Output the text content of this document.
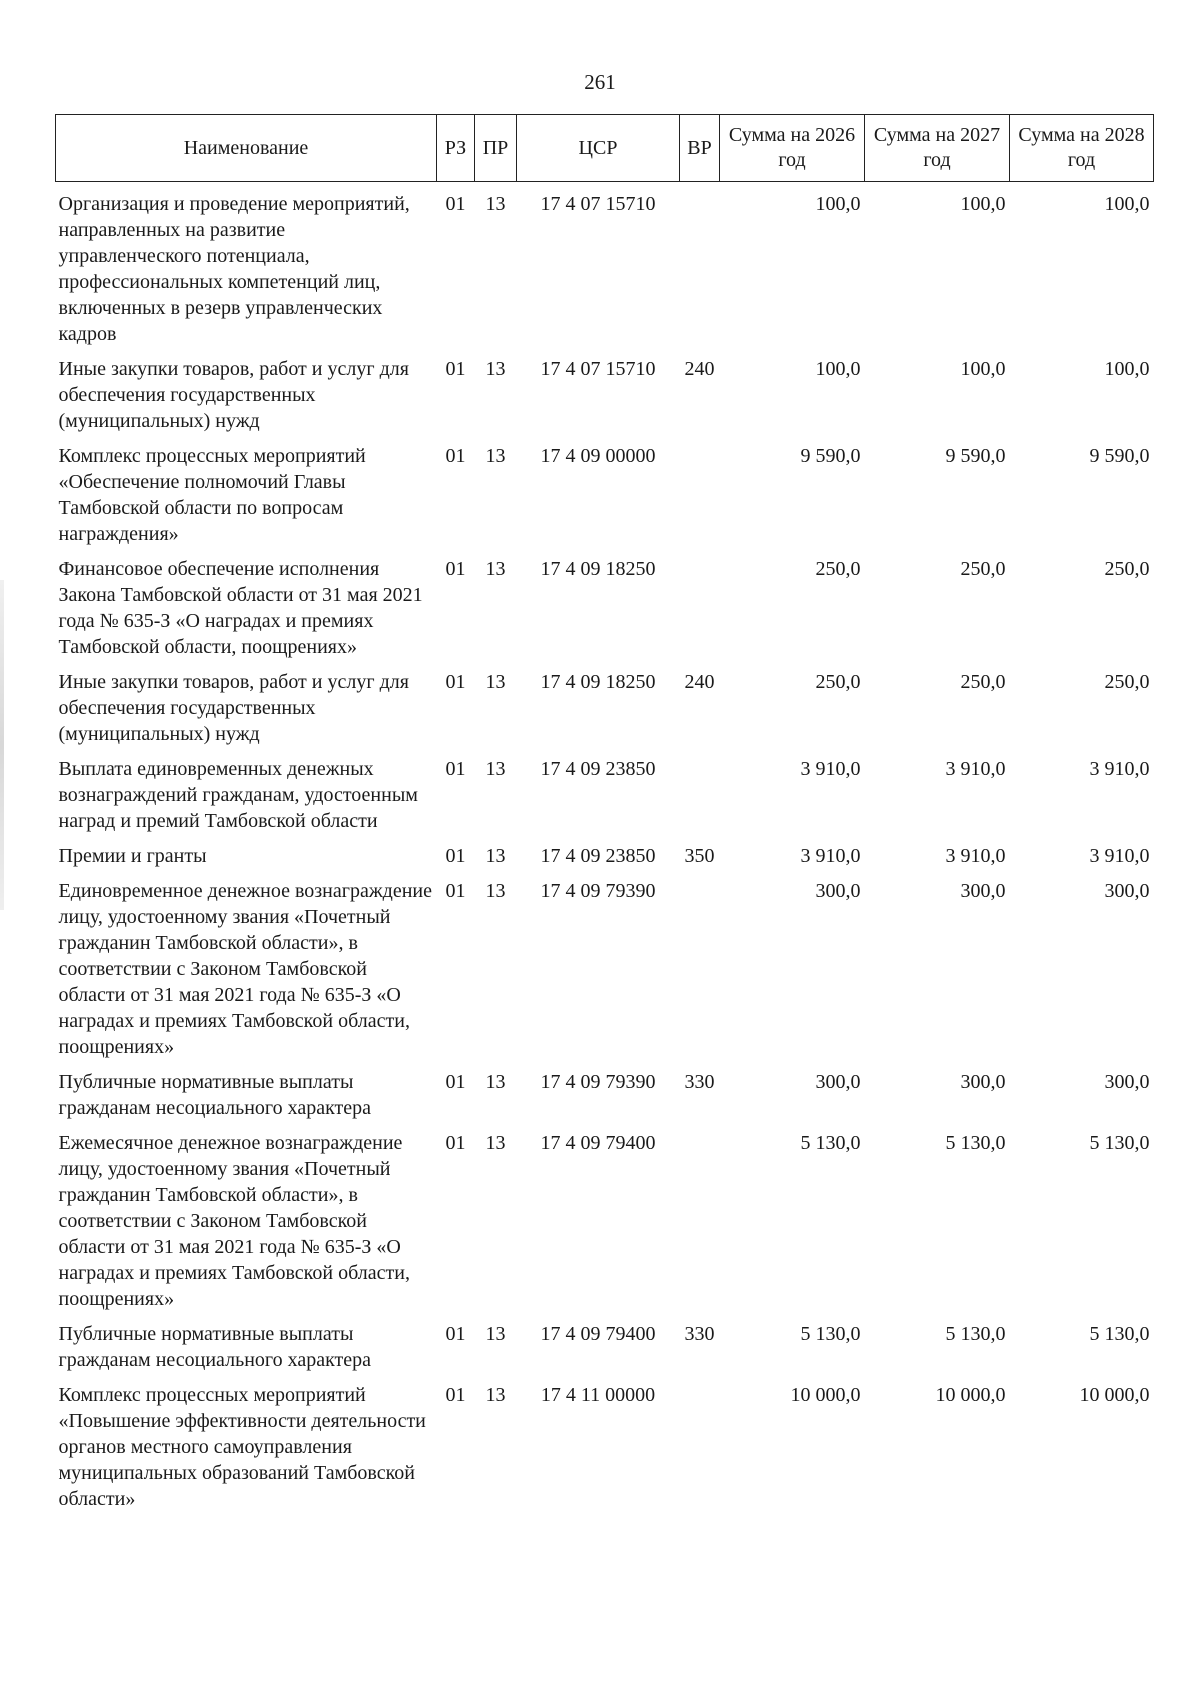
261
Наименование	РЗ	ПР	ЦСР	ВР	Сумма на 2026 год	Сумма на 2027 год	Сумма на 2028 год
Организация и проведение мероприятий, направленных на развитие управленческого потенциала, профессиональных компетенций лиц, включенных в резерв управленческих кадров	01	13	17 4 07 15710		100,0	100,0	100,0
Иные закупки товаров, работ и услуг для обеспечения государственных (муниципальных) нужд	01	13	17 4 07 15710	240	100,0	100,0	100,0
Комплекс процессных мероприятий «Обеспечение полномочий Главы Тамбовской области по вопросам награждения»	01	13	17 4 09 00000		9 590,0	9 590,0	9 590,0
Финансовое обеспечение исполнения Закона Тамбовской области от 31 мая 2021 года № 635-З «О наградах и премиях Тамбовской области, поощрениях»	01	13	17 4 09 18250		250,0	250,0	250,0
Иные закупки товаров, работ и услуг для обеспечения государственных (муниципальных) нужд	01	13	17 4 09 18250	240	250,0	250,0	250,0
Выплата единовременных денежных вознаграждений гражданам, удостоенным наград и премий Тамбовской области	01	13	17 4 09 23850		3 910,0	3 910,0	3 910,0
Премии и гранты	01	13	17 4 09 23850	350	3 910,0	3 910,0	3 910,0
Единовременное денежное вознаграждение лицу, удостоенному звания «Почетный гражданин Тамбовской области», в соответствии с Законом Тамбовской области от 31 мая 2021 года № 635-З «О наградах и премиях Тамбовской области, поощрениях»	01	13	17 4 09 79390		300,0	300,0	300,0
Публичные нормативные выплаты гражданам несоциального характера	01	13	17 4 09 79390	330	300,0	300,0	300,0
Ежемесячное денежное вознаграждение лицу, удостоенному звания «Почетный гражданин Тамбовской области», в соответствии с Законом Тамбовской области от 31 мая 2021 года № 635-З «О наградах и премиях Тамбовской области, поощрениях»	01	13	17 4 09 79400		5 130,0	5 130,0	5 130,0
Публичные нормативные выплаты гражданам несоциального характера	01	13	17 4 09 79400	330	5 130,0	5 130,0	5 130,0
Комплекс процессных мероприятий «Повышение эффективности деятельности органов местного самоуправления муниципальных образований Тамбовской области»	01	13	17 4 11 00000		10 000,0	10 000,0	10 000,0
